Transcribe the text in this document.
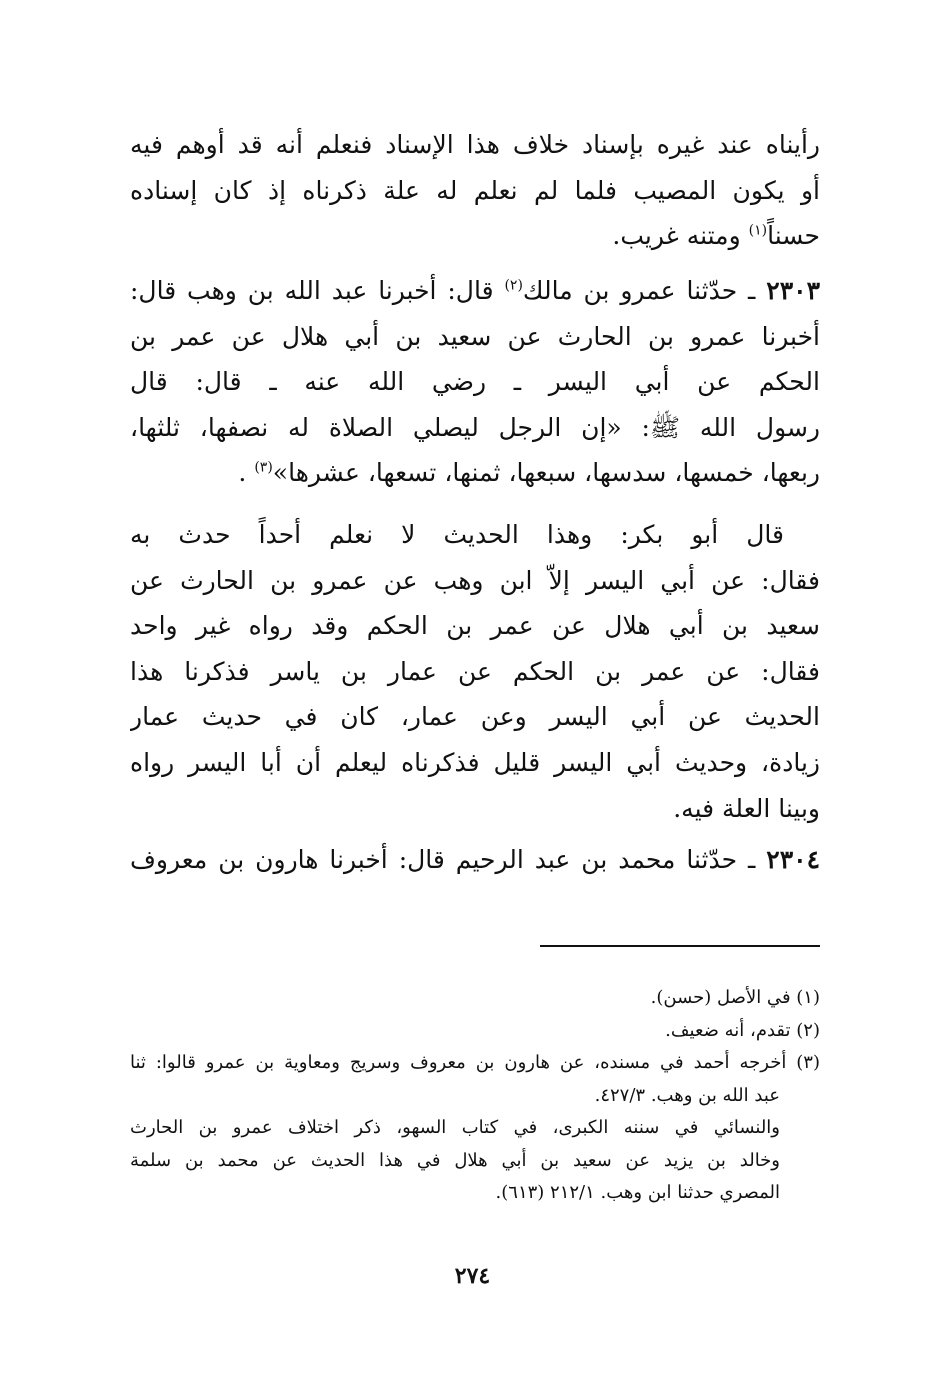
رأيناه عند غيره بإسناد خلاف هذا الإسناد فنعلم أنه قد أوهم فيه
أو يكون المصيب فلما لم نعلم له علة ذكرناه إذ كان إسناده
حسناً$^{(١)}$ ومتنه غريب.
٢٣٠٣ ـ حدّثنا عمرو بن مالك$^{(٢)}$ قال: أخبرنا عبد الله بن وهب قال:
أخبرنا عمرو بن الحارث عن سعيد بن أبي هلال عن عمر بن
الحكم عن أبي اليسر ـ رضي الله عنه ـ قال: قال
رسول الله ﷺ: «إن الرجل ليصلي الصلاة له نصفها، ثلثها،
ربعها، خمسها، سدسها، سبعها، ثمنها، تسعها، عشرها»$^{(٣)}$ .
قال أبو بكر: وهذا الحديث لا نعلم أحداً حدث به
فقال: عن أبي اليسر إلاّ ابن وهب عن عمرو بن الحارث عن
سعيد بن أبي هلال عن عمر بن الحكم وقد رواه غير واحد
فقال: عن عمر بن الحكم عن عمار بن ياسر فذكرنا هذا
الحديث عن أبي اليسر وعن عمار، كان في حديث عمار
زيادة، وحديث أبي اليسر قليل فذكرناه ليعلم أن أبا اليسر رواه
وبينا العلة فيه.
٢٣٠٤ ـ حدّثنا محمد بن عبد الرحيم قال: أخبرنا هارون بن معروف
(١) في الأصل (حسن).
(٢) تقدم، أنه ضعيف.
(٣) أخرجه أحمد في مسنده، عن هارون بن معروف وسريج ومعاوية بن عمرو قالوا: ثنا
عبد الله بن وهب. ٤٢٧/٣.
والنسائي في سننه الكبرى، في كتاب السهو، ذكر اختلاف عمرو بن الحارث
وخالد بن يزيد عن سعيد بن أبي هلال في هذا الحديث عن محمد بن سلمة
المصري حدثنا ابن وهب. ٢١٢/١ (٦١٣).
٢٧٤
